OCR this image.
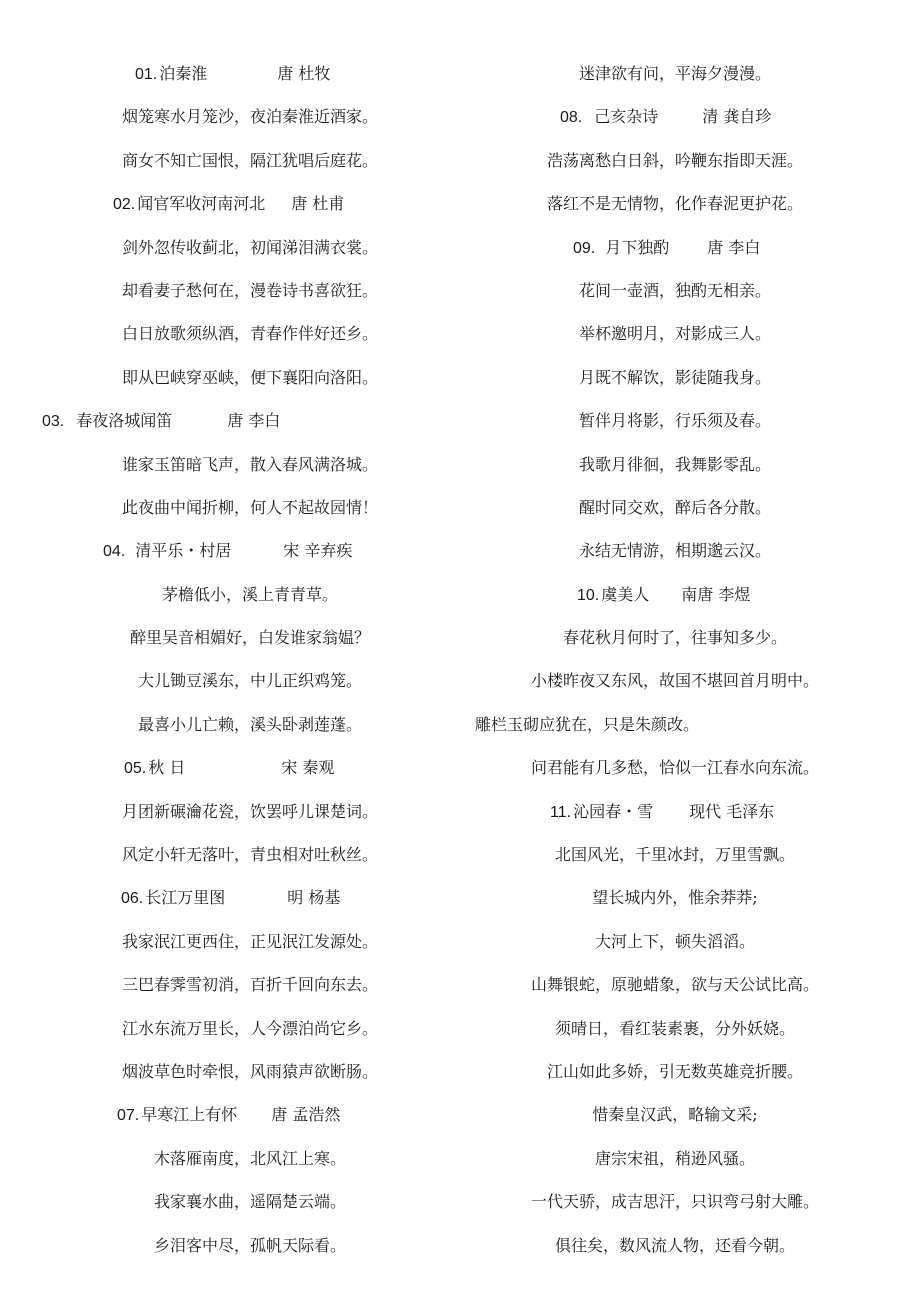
01. 泊秦淮	唐 杜牧
烟笼寒水月笼沙，夜泊秦淮近酒家。
商女不知亡国恨，隔江犹唱后庭花。
02. 闻官军收河南河北 唐 杜甫
剑外忽传收蓟北，初闻涕泪满衣裳。
却看妻子愁何在，漫卷诗书喜欲狂。
白日放歌须纵酒，青春作伴好还乡。
即从巴峡穿巫峡，便下襄阳向洛阳。
03. 春夜洛城闻笛	唐 李白
谁家玉笛暗飞声，散入春风满洛城。
此夜曲中闻折柳，何人不起故园情！
04. 清平乐・村居	宋 辛弃疾
茅檐低小，溪上青青草。
醉里吴音相媚好，白发谁家翁媪？
大儿锄豆溪东，中儿正织鸡笼。
最喜小儿亡赖，溪头卧剥莲蓬。
05. 秋 日	宋 秦观
月团新碾瀹花瓷，饮罢呼儿课楚词。
风定小轩无落叶，青虫相对吐秋丝。
06. 长江万里图	明 杨基
我家泯江更西住，正见泯江发源处。
三巴春霁雪初消，百折千回向东去。
江水东流万里长，人今漂泊尚它乡。
烟波草色时牵恨，风雨猿声欲断肠。
07. 早寒江上有怀 唐 孟浩然
木落雁南度，北风江上寒。
我家襄水曲，遥隔楚云端。
乡泪客中尽，孤帆天际看。
迷津欲有问，平海夕漫漫。
08. 己亥杂诗	清 龚自珍
浩荡离愁白日斜，吟鞭东指即天涯。
落红不是无情物，化作春泥更护花。
09. 月下独酌 唐 李白
花间一壶酒，独酌无相亲。
举杯邀明月，对影成三人。
月既不解饮，影徒随我身。
暂伴月将影，行乐须及春。
我歌月徘徊，我舞影零乱。
醒时同交欢，醉后各分散。
永结无情游，相期邈云汉。
10. 虞美人 南唐 李煜
春花秋月何时了，往事知多少。
小楼昨夜又东风，故国不堪回首月明中。
雕栏玉砌应犹在，只是朱颜改。
问君能有几多愁，恰似一江春水向东流。
11. 沁园春・雪 现代 毛泽东
北国风光，千里冰封，万里雪飘。
望长城内外，惟余莽莽;
大河上下，顿失滔滔。
山舞银蛇，原驰蜡象，欲与天公试比高。
须晴日，看红装素裹，分外妖娆。
江山如此多娇，引无数英雄竞折腰。
惜秦皇汉武，略输文采;
唐宗宋祖，稍逊风骚。
一代天骄，成吉思汗，只识弯弓射大雕。
俱往矣，数风流人物，还看今朝。
